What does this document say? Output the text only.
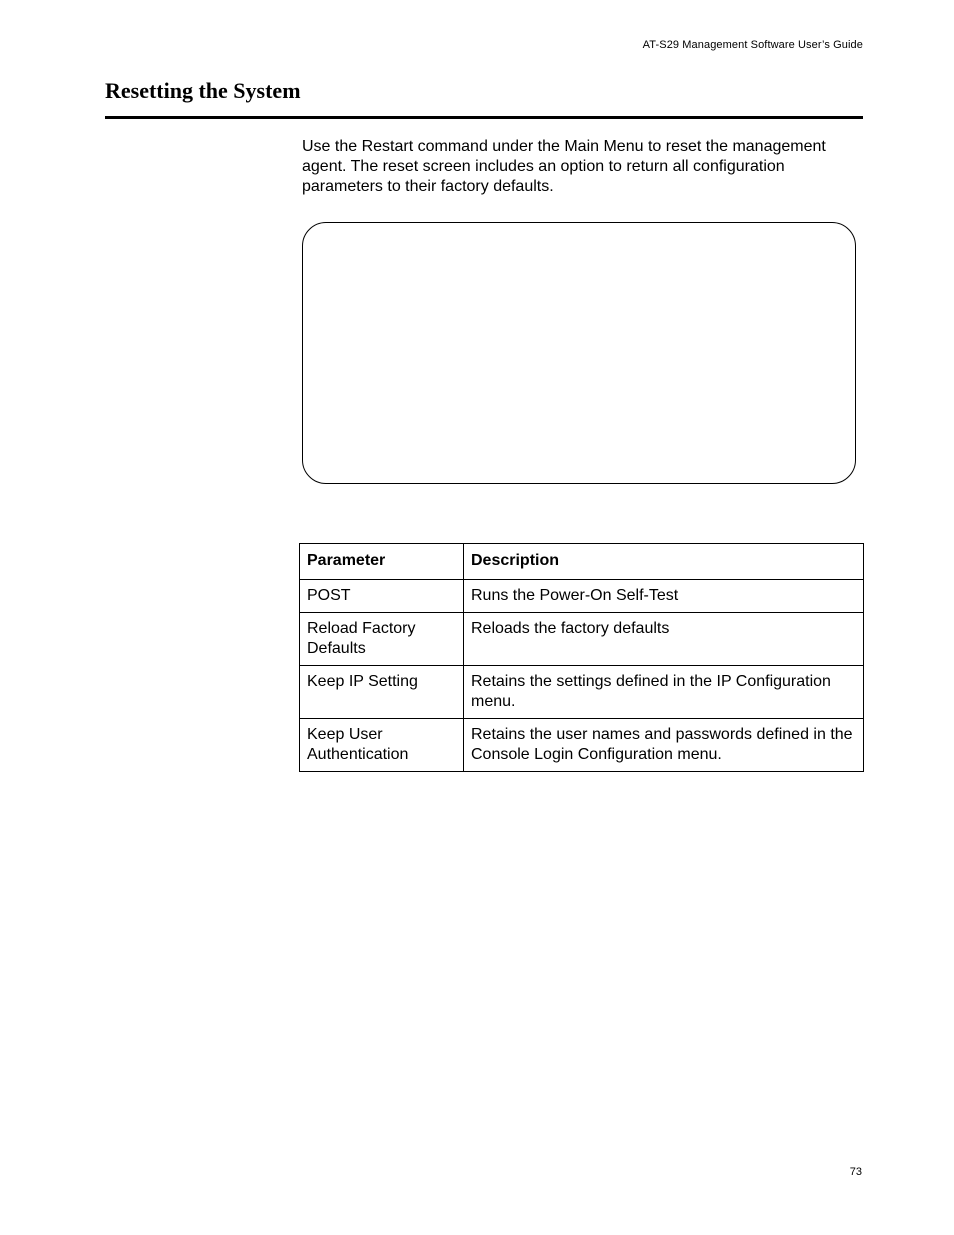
AT-S29 Management Software User’s Guide
Resetting the System

Use the Restart command under the Main Menu to reset the management agent. The reset screen includes an option to return all configuration parameters to their factory defaults.

Parameter	Description
POST	Runs the Power-On Self-Test
Reload Factory Defaults	Reloads the factory defaults
Keep IP Setting	Retains the settings defined in the IP Configuration menu.
Keep User Authentication	Retains the user names and passwords defined in the Console Login Configuration menu.
73
